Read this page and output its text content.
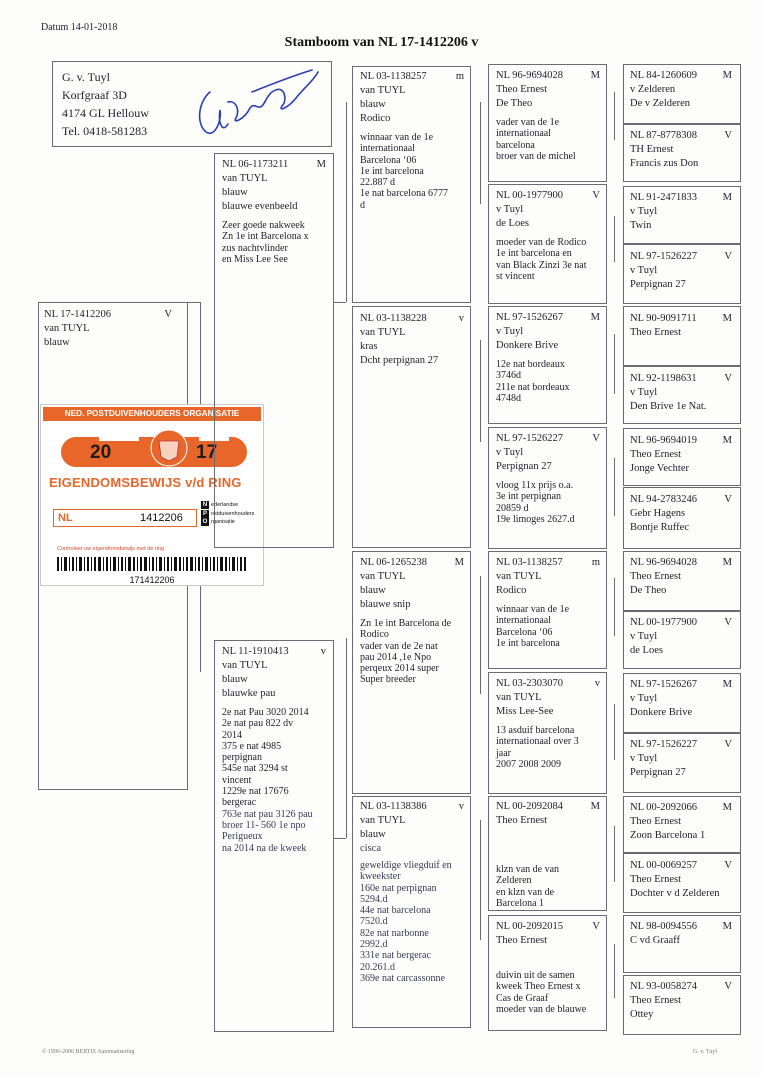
Datum 14-01-2018
Stamboom van NL 17-1412206 v
G. v. Tuyl
Korfgraaf 3D
4174 GL Hellouw
Tel. 0418-581283
NL 17-1412206	V
van TUYL
blauw
NED. POSTDUIVENHOUDERS ORGANISATIE
20	17
EIGENDOMSBEWIJS v/d RING
NL	1412206
N ederlandse
P ostduivenhouders
O rganisatie
Controleer uw eigendomsbewijs met de ring
171412206
NL 06-1173211	M
van TUYL
blauw
blauwe evenbeeld
Zeer goede nakweek
Zn 1e int Barcelona x
zus nachtvlinder
en Miss Lee See
NL 11-1910413	v
van TUYL
blauw
blauwke pau
2e nat Pau 3020 2014
2e nat pau 822 dv
2014
375 e nat 4985
perpignan
545e nat 3294 st
vincent
1229e nat 17676
bergerac
763e nat pau 3126 pau
broer 11- 560 1e npo
Perigueux
na 2014 na de kweek
NL 03-1138257	m
van TUYL
blauw
Rodico
winnaar van de 1e
internationaal
Barcelona ‘06
1e int barcelona
22.887 d
1e nat barcelona 6777
d
NL 03-1138228	v
van TUYL
kras
Dcht perpignan 27
NL 06-1265238	M
van TUYL
blauw
blauwe snip
Zn 1e int Barcelona de
Rodico
vader van de 2e nat
pau 2014 ,1e Npo
perqeux 2014 super
Super breeder
NL 03-1138386	v
van TUYL
blauw
cisca
geweldige vliegduif en
kweekster
160e nat perpignan
5294.d
44e nat barcelona
7520.d
82e nat narbonne
2992.d
331e nat bergerac
20.261.d
369e nat carcassonne
NL 96-9694028	M
Theo Ernest
De Theo
vader van de 1e
internationaal
barcelona
broer van de michel
NL 00-1977900	V
v Tuyl
de Loes
moeder van de Rodico
1e int barcelona en
van Black Zinzi 3e nat
st vincent
NL 97-1526267	M
v Tuyl
Donkere Brive
12e nat bordeaux
3746d
211e nat bordeaux
4748d
NL 97-1526227	V
v Tuyl
Perpignan 27
vloog 11x prijs o.a.
3e int perpignan
20859 d
19e limoges 2627.d
NL 03-1138257	m
van TUYL
Rodico
winnaar van de 1e
internationaal
Barcelona ‘06
1e int barcelona
NL 03-2303070	v
van TUYL
Miss Lee-See
13 asduif barcelona
internationaal over 3
jaar
2007 2008 2009
NL 00-2092084	M
Theo Ernest
klzn van de van
Zelderen
en klzn van de
Barcelona 1
NL 00-2092015	V
Theo Ernest
duivin uit de samen
kweek Theo Ernest x
Cas de Graaf
moeder van de blauwe
NL 84-1260609 M
v Zelderen
De v Zelderen
NL 87-8778308	V
TH Ernest
Francis zus Don
NL 91-2471833 M
v Tuyl
Twin
NL 97-1526227	V
v Tuyl
Perpignan 27
NL 90-9091711 M
Theo Ernest
NL 92-1198631	V
v Tuyl
Den Brive 1e Nat.
NL 96-9694019 M
Theo Ernest
Jonge Vechter
NL 94-2783246	V
Gebr Hagens
Bontje Ruffec
NL 96-9694028 M
Theo Ernest
De Theo
NL 00-1977900	V
v Tuyl
de Loes
NL 97-1526267 M
v Tuyl
Donkere Brive
NL 97-1526227	V
v Tuyl
Perpignan 27
NL 00-2092066 M
Theo Ernest
Zoon Barcelona 1
NL 00-0069257	V
Theo Ernest
Dochter v d Zelderen
NL 98-0094556 M
C vd Graaff
NL 93-0058274	V
Theo Ernest
Ottey
© 1996-2006 BERTIS Automatisering	G. v. Tuyl
